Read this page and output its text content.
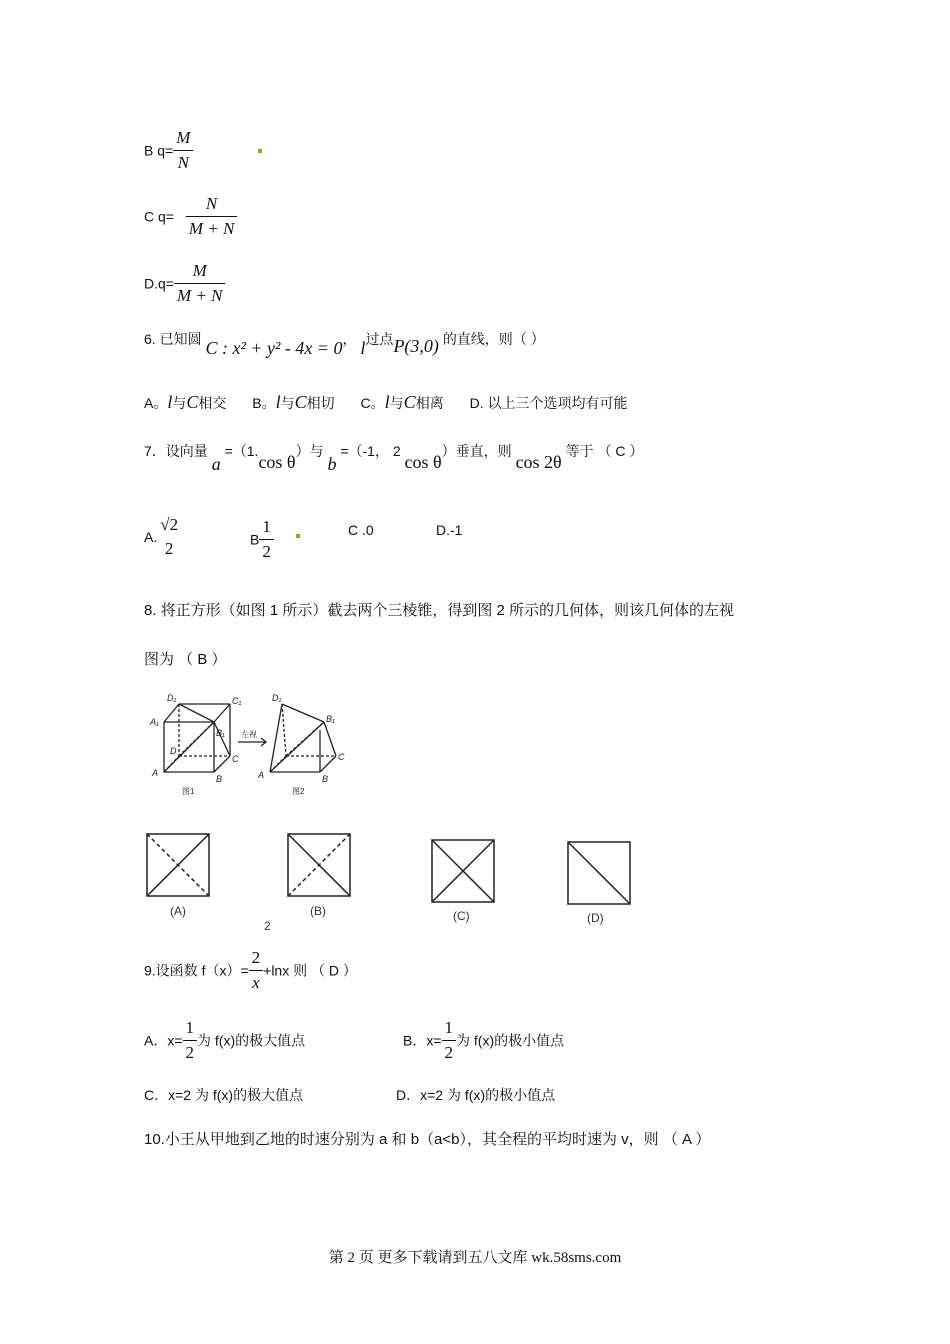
B $q= \frac{M}{N}$
C $q= \frac{N}{M + N}$
$D.q= \frac{M}{M + N}$
6. 已知圆 C : x² + y² - 4x = 0， l过点P(3,0) 的直线，则（ ）
A。l与C相交 B。l与C相切 C。l与C相离 D. 以上三个选项均有可能
7．设向量 a =（1.cos θ）与 b =（-1， 2 cos θ）垂直，则 cos 2θ 等于 （ C ）
A.
√2
2	B $\frac{1}{2}$	C .0	D.-1
8. 将正方形（如图 1 所示）截去两个三棱锥，得到图 2 所示的几何体，则该几何体的左视
图为 （ B ）
D₁	C₁
A₁
B₁
D
C
A
B
D₁
B₁
C
A	B
左视
图1	图2
(A)	(B)	(C)	(D)
2
9.设函数 $f(x)= \frac{2}{x} +\ln x$ 则 （ D ）
A．$x= \frac{1}{2}$ 为 f(x)的极大值点	B．$x= \frac{1}{2}$ 为 f(x)的极小值点
C．x=2 为 f(x)的极大值点	D．x=2 为 f(x)的极小值点
10.小王从甲地到乙地的时速分别为 a 和 b（a<b），其全程的平均时速为 v，则 （ A ）
第 2 页 更多下载请到五八文库 wk.58sms.com
